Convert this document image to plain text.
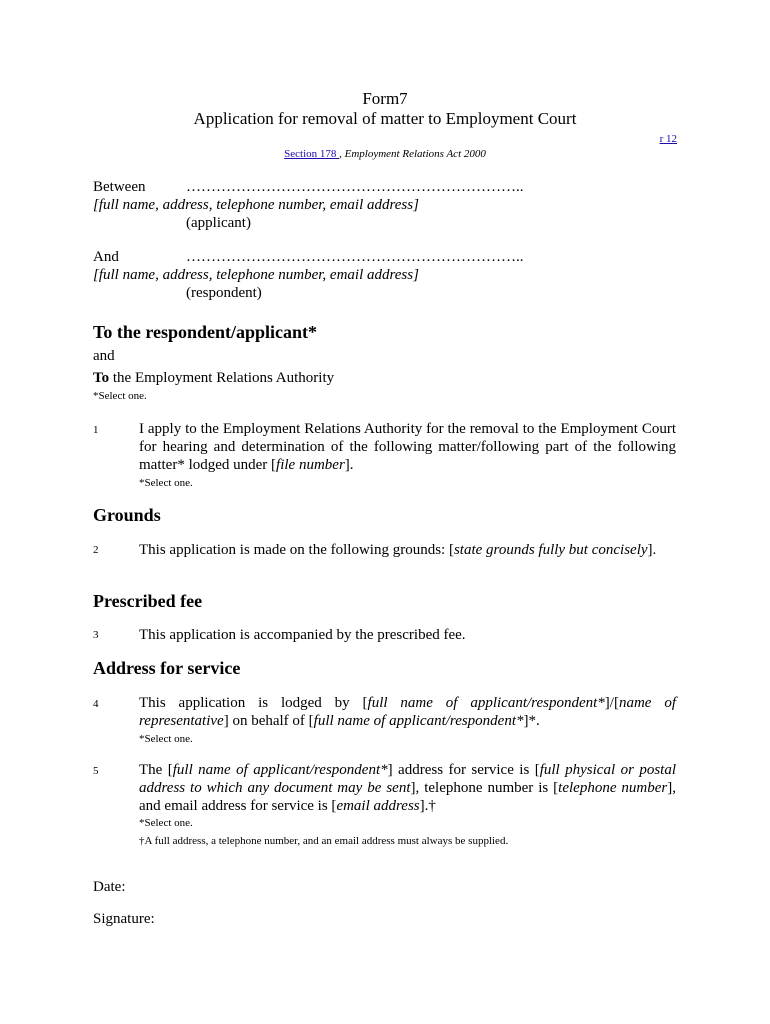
Form7
Application for removal of matter to Employment Court
r 12
Section 178 , Employment Relations Act 2000
Between	…………………………………………………………..
[full name, address, telephone number, email address]
(applicant)
And	…………………………………………………………..
[full name, address, telephone number, email address]
(respondent)
To the respondent/applicant*
and
To the Employment Relations Authority
*Select one.
1	I apply to the Employment Relations Authority for the removal to the Employment Court for hearing and determination of the following matter/following part of the following matter* lodged under [file number].
*Select one.
Grounds
2	This application is made on the following grounds: [state grounds fully but concisely].
Prescribed fee
3	This application is accompanied by the prescribed fee.
Address for service
4	This application is lodged by [full name of applicant/respondent*]/[name of representative] on behalf of [full name of applicant/respondent*]*.
*Select one.
5	The [full name of applicant/respondent*] address for service is [full physical or postal address to which any document may be sent], telephone number is [telephone number], and email address for service is [email address].†
*Select one.
†A full address, a telephone number, and an email address must always be supplied.
Date:
Signature:
